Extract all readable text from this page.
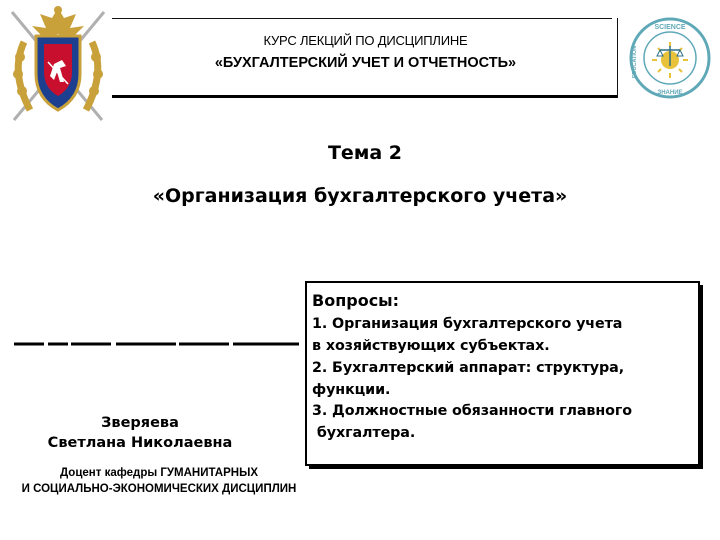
КУРС ЛЕКЦИЙ ПО ДИСЦИПЛИНЕ
«БУХГАЛТЕРСКИЙ УЧЕТ И ОТЧЕТНОСТЬ»
SCIENCE
EDUCATION
ЗНАНИЕ
Тема 2
«Организация бухгалтерского учета»
Зверяева
Светлана Николаевна
Доцент кафедры ГУМАНИТАРНЫХ
И СОЦИАЛЬНО-ЭКОНОМИЧЕСКИХ ДИСЦИПЛИН
Вопросы:
1. Организация бухгалтерского учета
в хозяйствующих субъектах.
2. Бухгалтерский аппарат: структура,
функции.
3. Должностные обязанности главного
бухгалтера.
